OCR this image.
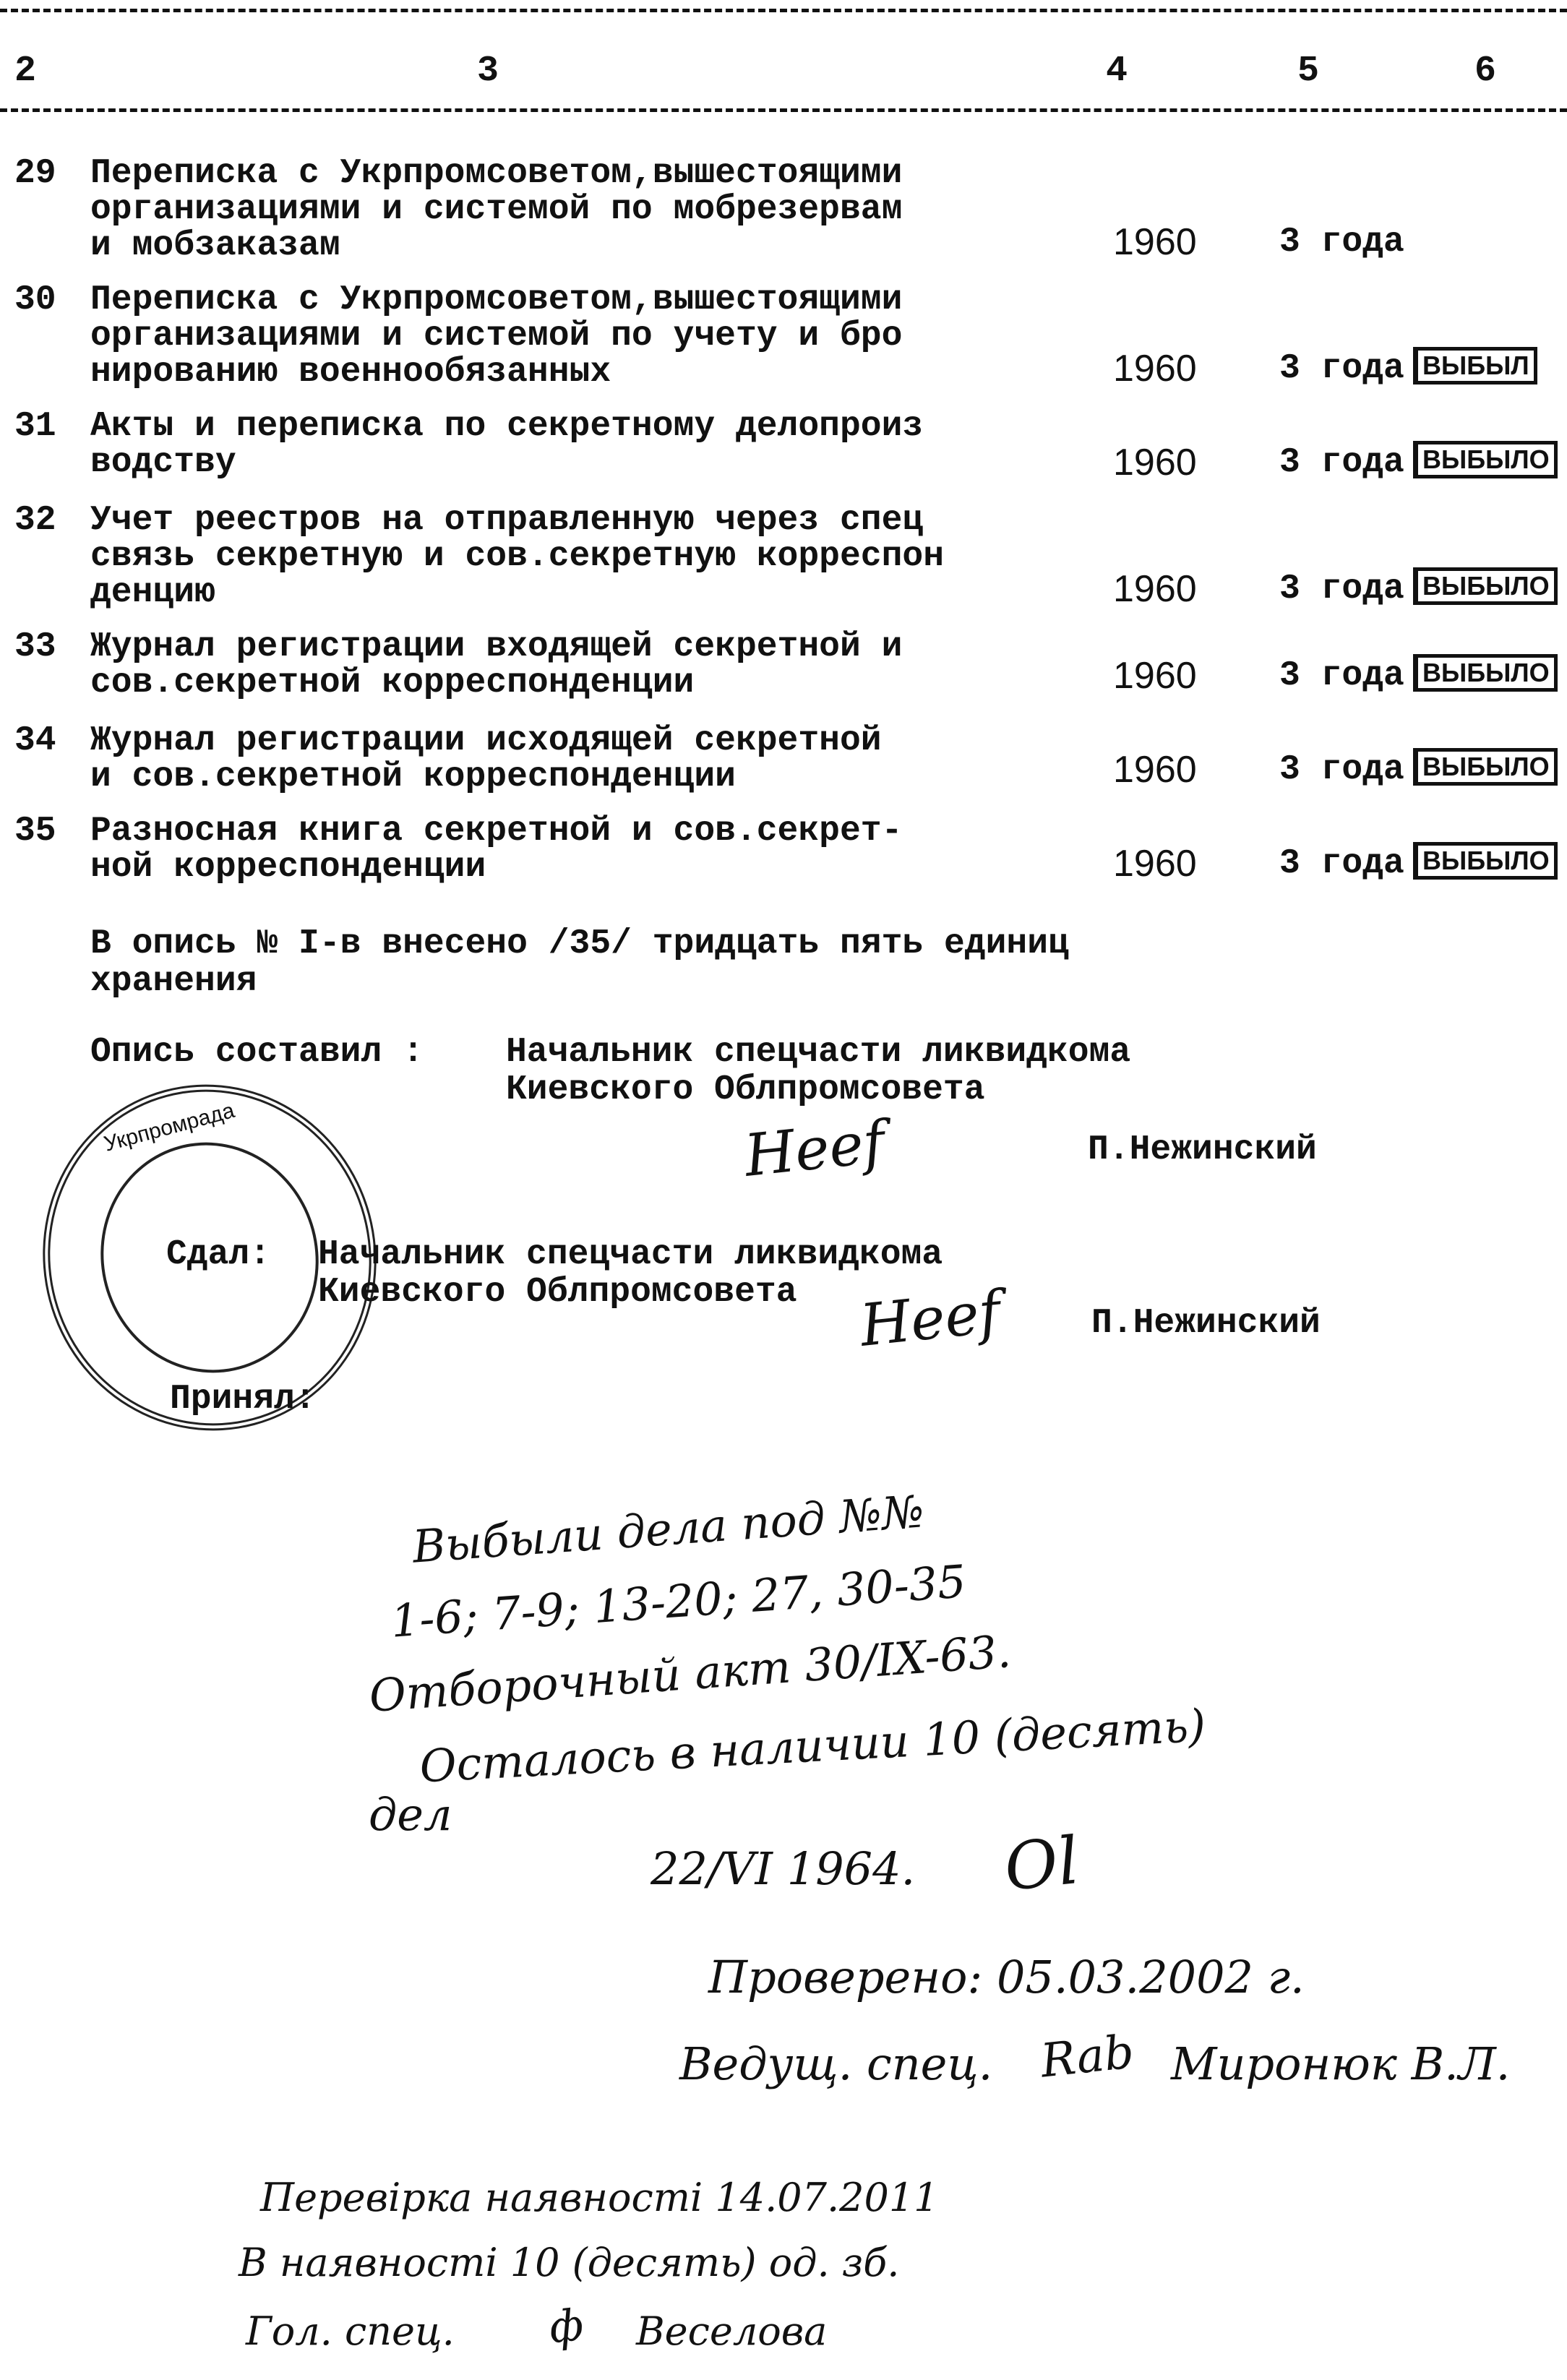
2	3	4	5	6
29 Переписка с Укрпромсоветом,вышестоящими
организациями и системой по мобрезервам
и мобзаказам	1960 3 года
30 Переписка с Укрпромсоветом,вышестоящими
организациями и системой по учету и бро
нированию военнообязанных	1960 3 года ВЫБЫЛ
31 Акты и переписка по секретному делопроиз
водству	1960 3 года ВЫБЫЛО
32 Учет реестров на отправленную через спец
связь секретную и сов.секретную корреспон
денцию	1960 3 года ВЫБЫЛО
33 Журнал регистрации входящей секретной и
сов.секретной корреспонденции	1960 3 года ВЫБЫЛО
34 Журнал регистрации исходящей секретной
и сов.секретной корреспонденции	1960 3 года ВЫБЫЛО
35 Разносная книга секретной и сов.секрет-
ной корреспонденции	1960 3 года ВЫБЫЛО
В опись № I-в внесено /35/ тридцать пять единиц
хранения
Опись составил : Начальник спецчасти ликвидкома
Киевского Облпромсовета
Heef	П.Нежинский
Укрпромрада
Сдал: Начальник спецчасти ликвидкома
Киевского Облпромсовета	Heef	П.Нежинский
Принял:
Выбыли дела под №№
1-6; 7-9; 13-20; 27, 30-35
Отборочный акт 30/IX-63.
Осталось в наличии 10 (десять)
дел
22/VI 1964. Ol
Проверено: 05.03.2002 г.
Ведущ. спец. Rab Миронюк В.Л.
Перевірка наявності 14.07.2011
В наявності 10 (десять) од. зб.
Гол. спец. ф Веселова
